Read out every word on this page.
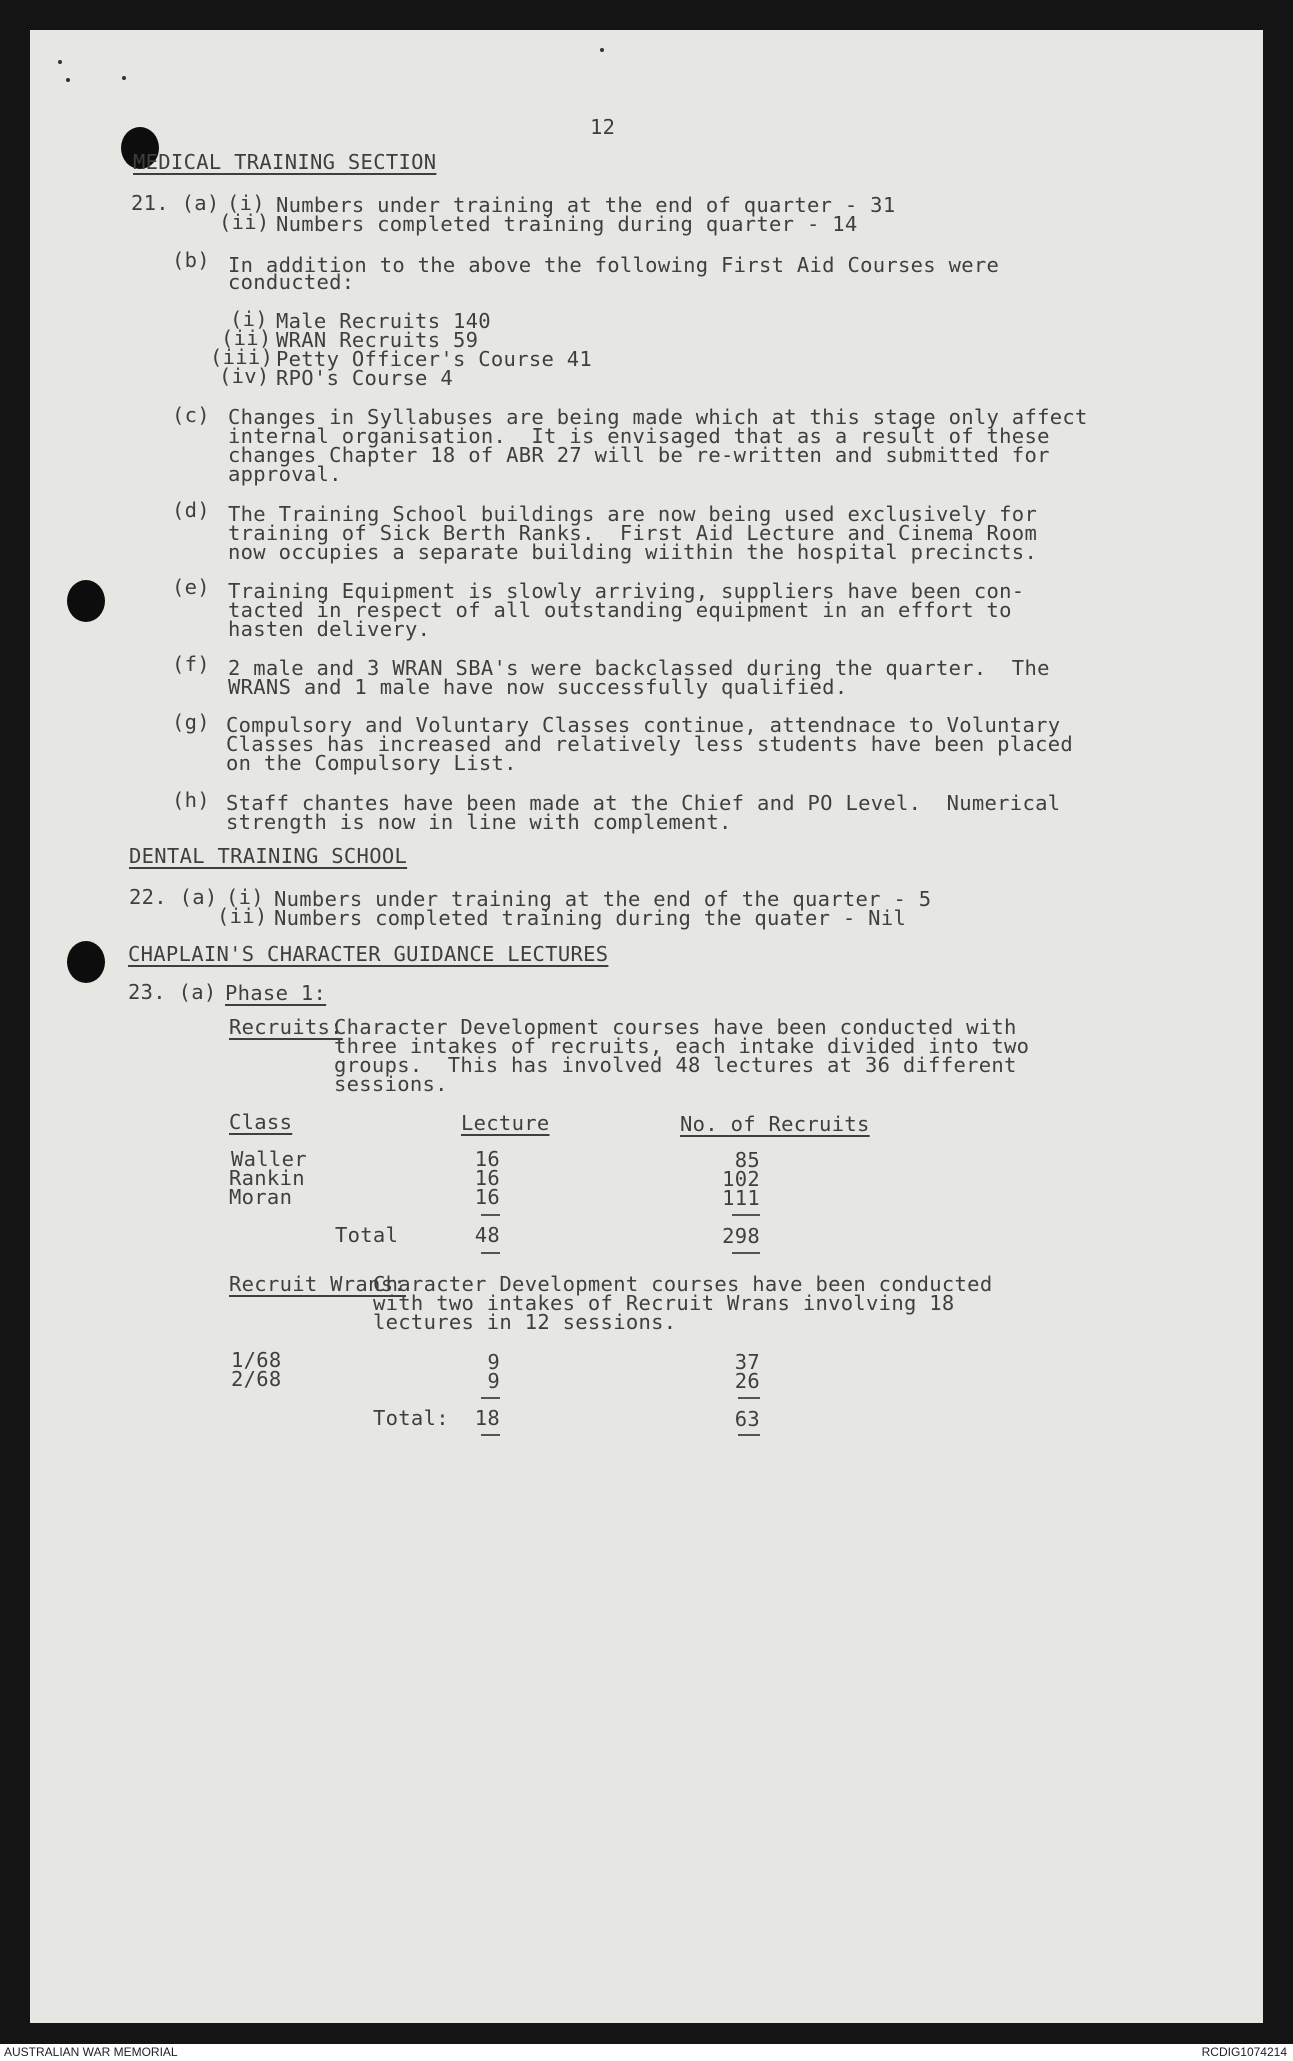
12
MEDICAL TRAINING SECTION
21. (a) (i) Numbers under training at the end of quarter - 31
(ii) Numbers completed training during quarter - 14
(b) In addition to the above the following First Aid Courses were
conducted:
(i) Male Recruits 140
(ii) WRAN Recruits 59
(iii) Petty Officer's Course 41
(iv) RPO's Course 4
(c) Changes in Syllabuses are being made which at this stage only affect
internal organisation.  It is envisaged that as a result of these
changes Chapter 18 of ABR 27 will be re-written and submitted for
approval.
(d) The Training School buildings are now being used exclusively for
training of Sick Berth Ranks.  First Aid Lecture and Cinema Room
now occupies a separate building wiithin the hospital precincts.
(e) Training Equipment is slowly arriving, suppliers have been con-
tacted in respect of all outstanding equipment in an effort to
hasten delivery.
(f) 2 male and 3 WRAN SBA's were backclassed during the quarter.  The
WRANS and 1 male have now successfully qualified.
(g) Compulsory and Voluntary Classes continue, attendnace to Voluntary
Classes has increased and relatively less students have been placed
on the Compulsory List.
(h) Staff chantes have been made at the Chief and PO Level.  Numerical
strength is now in line with complement.
DENTAL TRAINING SCHOOL
22. (a) (i) Numbers under training at the end of the quarter - 5
(ii) Numbers completed training during the quater - Nil
CHAPLAIN'S CHARACTER GUIDANCE LECTURES
23. (a) Phase 1:
Recruits:
Character Development courses have been conducted with
three intakes of recruits, each intake divided into two
groups.  This has involved 48 lectures at 36 different
sessions.
Class	Lecture	No. of Recruits
Waller	16	85
Rankin	16	102
Moran	16	111
Total	48	298
Recruit Wrans:
Character Development courses have been conducted
with two intakes of Recruit Wrans involving 18
lectures in 12 sessions.
1/68	9	37
2/68	9	26
Total:	18	63
AUSTRALIAN WAR MEMORIAL	RCDIG1074214
